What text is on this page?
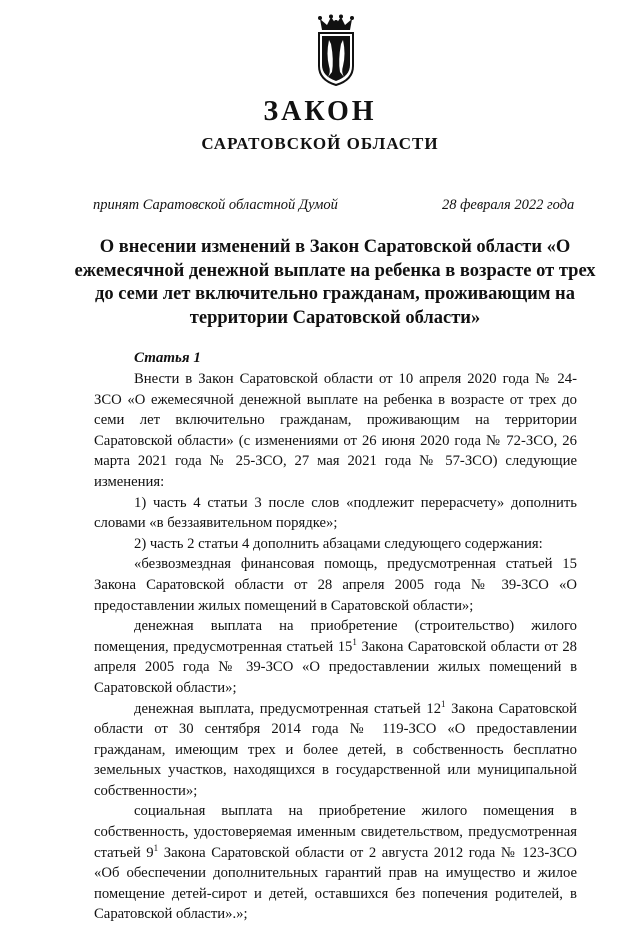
ЗАКОН
САРАТОВСКОЙ ОБЛАСТИ

принят Саратовской областной Думой	28 февраля 2022 года

О внесении изменений в Закон Саратовской области «О ежемесячной денежной выплате на ребенка в возрасте от трех до семи лет включительно гражданам, проживающим на территории Саратовской области»
Статья 1

Внести в Закон Саратовской области от 10 апреля 2020 года № 24-ЗСО «О ежемесячной денежной выплате на ребенка в возрасте от трех до семи лет включительно гражданам, проживающим на территории Саратовской области» (с изменениями от 26 июня 2020 года № 72-ЗСО, 26 марта 2021 года № 25-ЗСО, 27 мая 2021 года № 57-ЗСО) следующие изменения:

1) часть 4 статьи 3 после слов «подлежит перерасчету» дополнить словами «в беззаявительном порядке»;

2) часть 2 статьи 4 дополнить абзацами следующего содержания:

«безвозмездная финансовая помощь, предусмотренная статьей 15 Закона Саратовской области от 28 апреля 2005 года № 39-ЗСО «О предоставлении жилых помещений в Саратовской области»;

денежная выплата на приобретение (строительство) жилого помещения, предусмотренная статьей $15^1$ Закона Саратовской области от 28 апреля 2005 года № 39-ЗСО «О предоставлении жилых помещений в Саратовской области»;

денежная выплата, предусмотренная статьей $12^1$ Закона Саратовской области от 30 сентября 2014 года № 119-ЗСО «О предоставлении гражданам, имеющим трех и более детей, в собственность бесплатно земельных участков, находящихся в государственной или муниципальной собственности»;

социальная выплата на приобретение жилого помещения в собственность, удостоверяемая именным свидетельством, предусмотренная статьей $9^1$ Закона Саратовской области от 2 августа 2012 года № 123-ЗСО «Об обеспечении дополнительных гарантий прав на имущество и жилое помещение детей-сирот и детей, оставшихся без попечения родителей, в Саратовской области».»;
